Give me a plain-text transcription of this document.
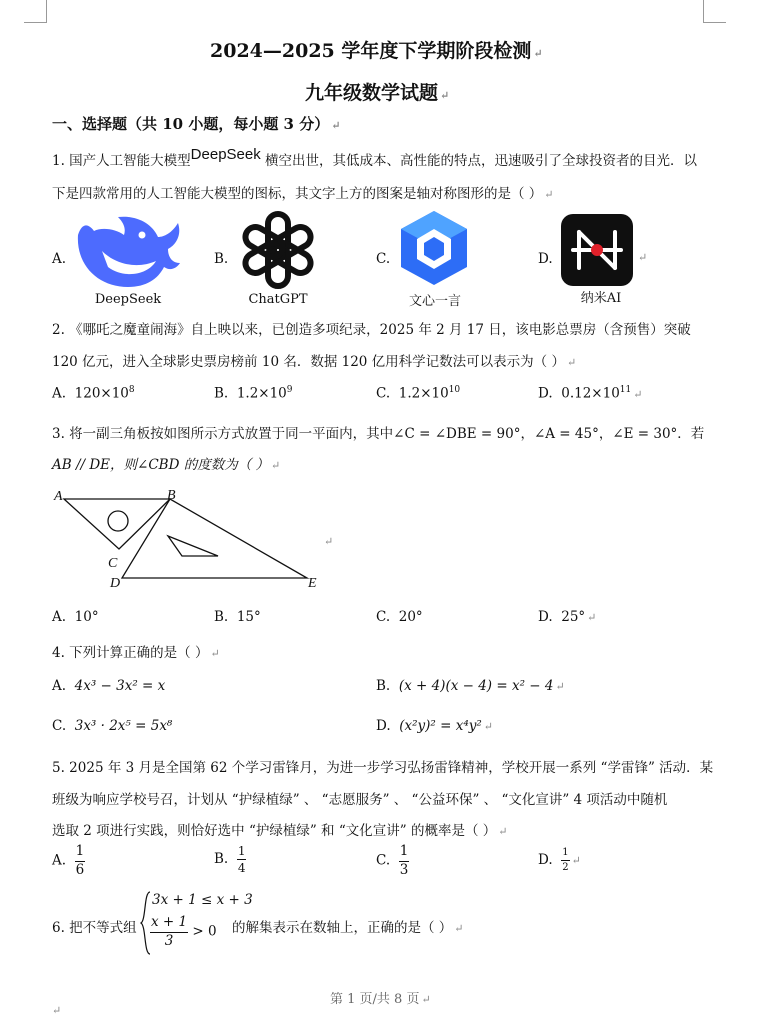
2024—2025 学年度下学期阶段检测 ↵
九年级数学试题 ↵
一、选择题（共 10 小题，每小题 3 分） ↵
1. 国产人工智能大模型DeepSeek 横空出世，其低成本、高性能的特点，迅速吸引了全球投资者的目光．以
下是四款常用的人工智能大模型的图标，其文字上方的图案是轴对称图形的是（ ） ↵
A.	B.	C.	D.
DeepSeek	ChatGPT	文心一言	纳米AI
↵
2. 《哪吒之魔童闹海》自上映以来，已创造多项纪录，2025 年 2 月 17 日，该电影总票房（含预售）突破
120 亿元，进入全球影史票房榜前 10 名．数据 120 亿用科学记数法可以表示为（ ） ↵
A. $120\times 10^8$	B. $1.2\times 10^9$	C. $1.2\times 10^{10}$	D. $0.12\times 10^{11}$ ↵
3. 将一副三角板按如图所示方式放置于同一平面内，其中∠C = ∠DBE = 90°，∠A = 45°，∠E = 30°．若
AB // DE，则∠CBD 的度数为（ ） ↵
A	B
C
D	E
↵
A. 10°	B. 15°	C. 20°	D. 25° ↵
4. 下列计算正确的是（ ） ↵
A. 4x³ − 3x² = x	B. (x + 4)(x − 4) = x² − 4 ↵
C. 3x³ · 2x⁵ = 5x⁸	D. (x²y)² = x⁴y² ↵
5. 2025 年 3 月是全国第 62 个学习雷锋月，为进一步学习弘扬雷锋精神，学校开展一系列 “学雷锋” 活动．某
班级为响应学校号召，计划从 “护绿植绿” 、 “志愿服务” 、 “公益环保” 、 “文化宣讲” 4 项活动中随机
选取 2 项进行实践，则恰好选中 “护绿植绿” 和 “文化宣讲” 的概率是（ ） ↵
A. $\frac{1}{6}$	B. $\frac{1}{4}$	C. $\frac{1}{3}$	D. $\frac{1}{2}$ ↵
6. 把不等式组
3x + 1 ≤ x + 3
$\frac{x + 1}{3} > 0$ 的解集表示在数轴上，正确的是（ ） ↵
第 1 页/共 8 页 ↵
↵
